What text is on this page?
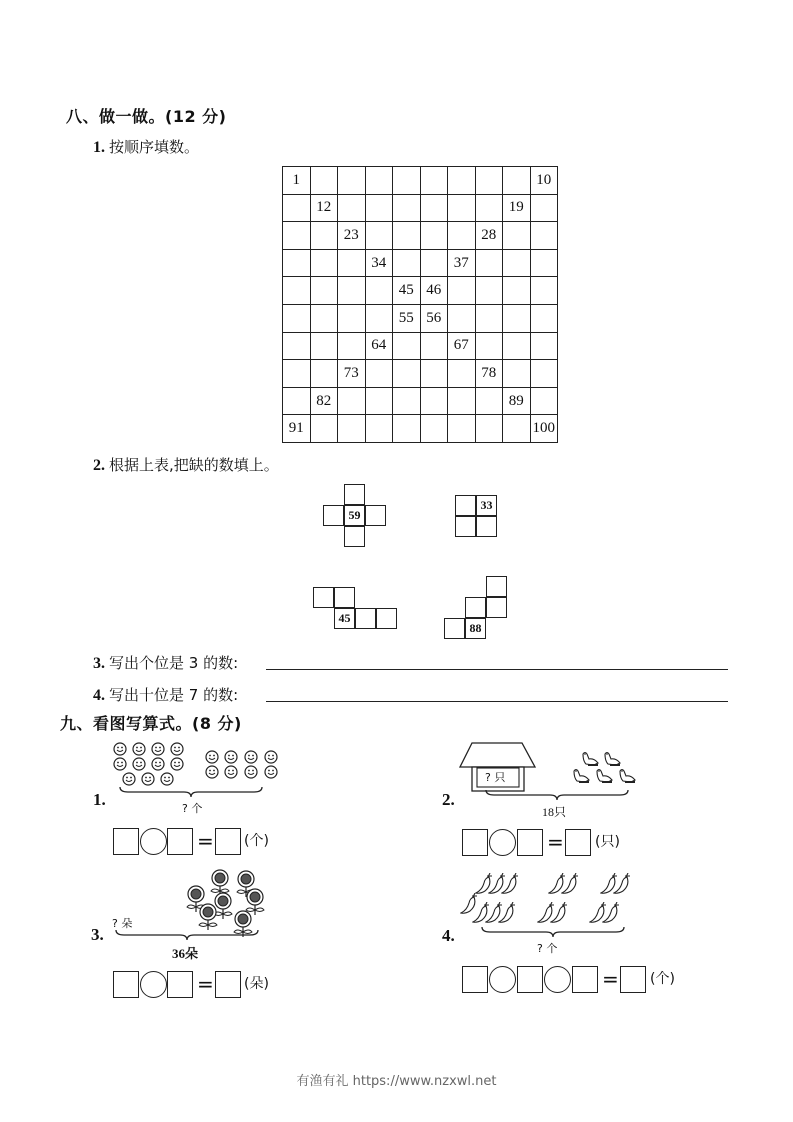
八、做一做。(12 分)
1. 按顺序填数。
1									10
	12							19	
		23					28		
			34			37			
				45	46				
				55	56				
			64			67			
		73					78		
	82							89	
91									100
2. 根据上表,把缺的数填上。
59
33
45
88
3. 写出个位是 3 的数:
4. 写出十位是 7 的数:
九、看图写算式。(8 分)
? 个
1.
= (个)
? 只
18只
2.
= (只)
? 朵
36朵
3.
= (朵)
? 个
4.
= (个)
有渔有礼 https://www.nzxwl.net
